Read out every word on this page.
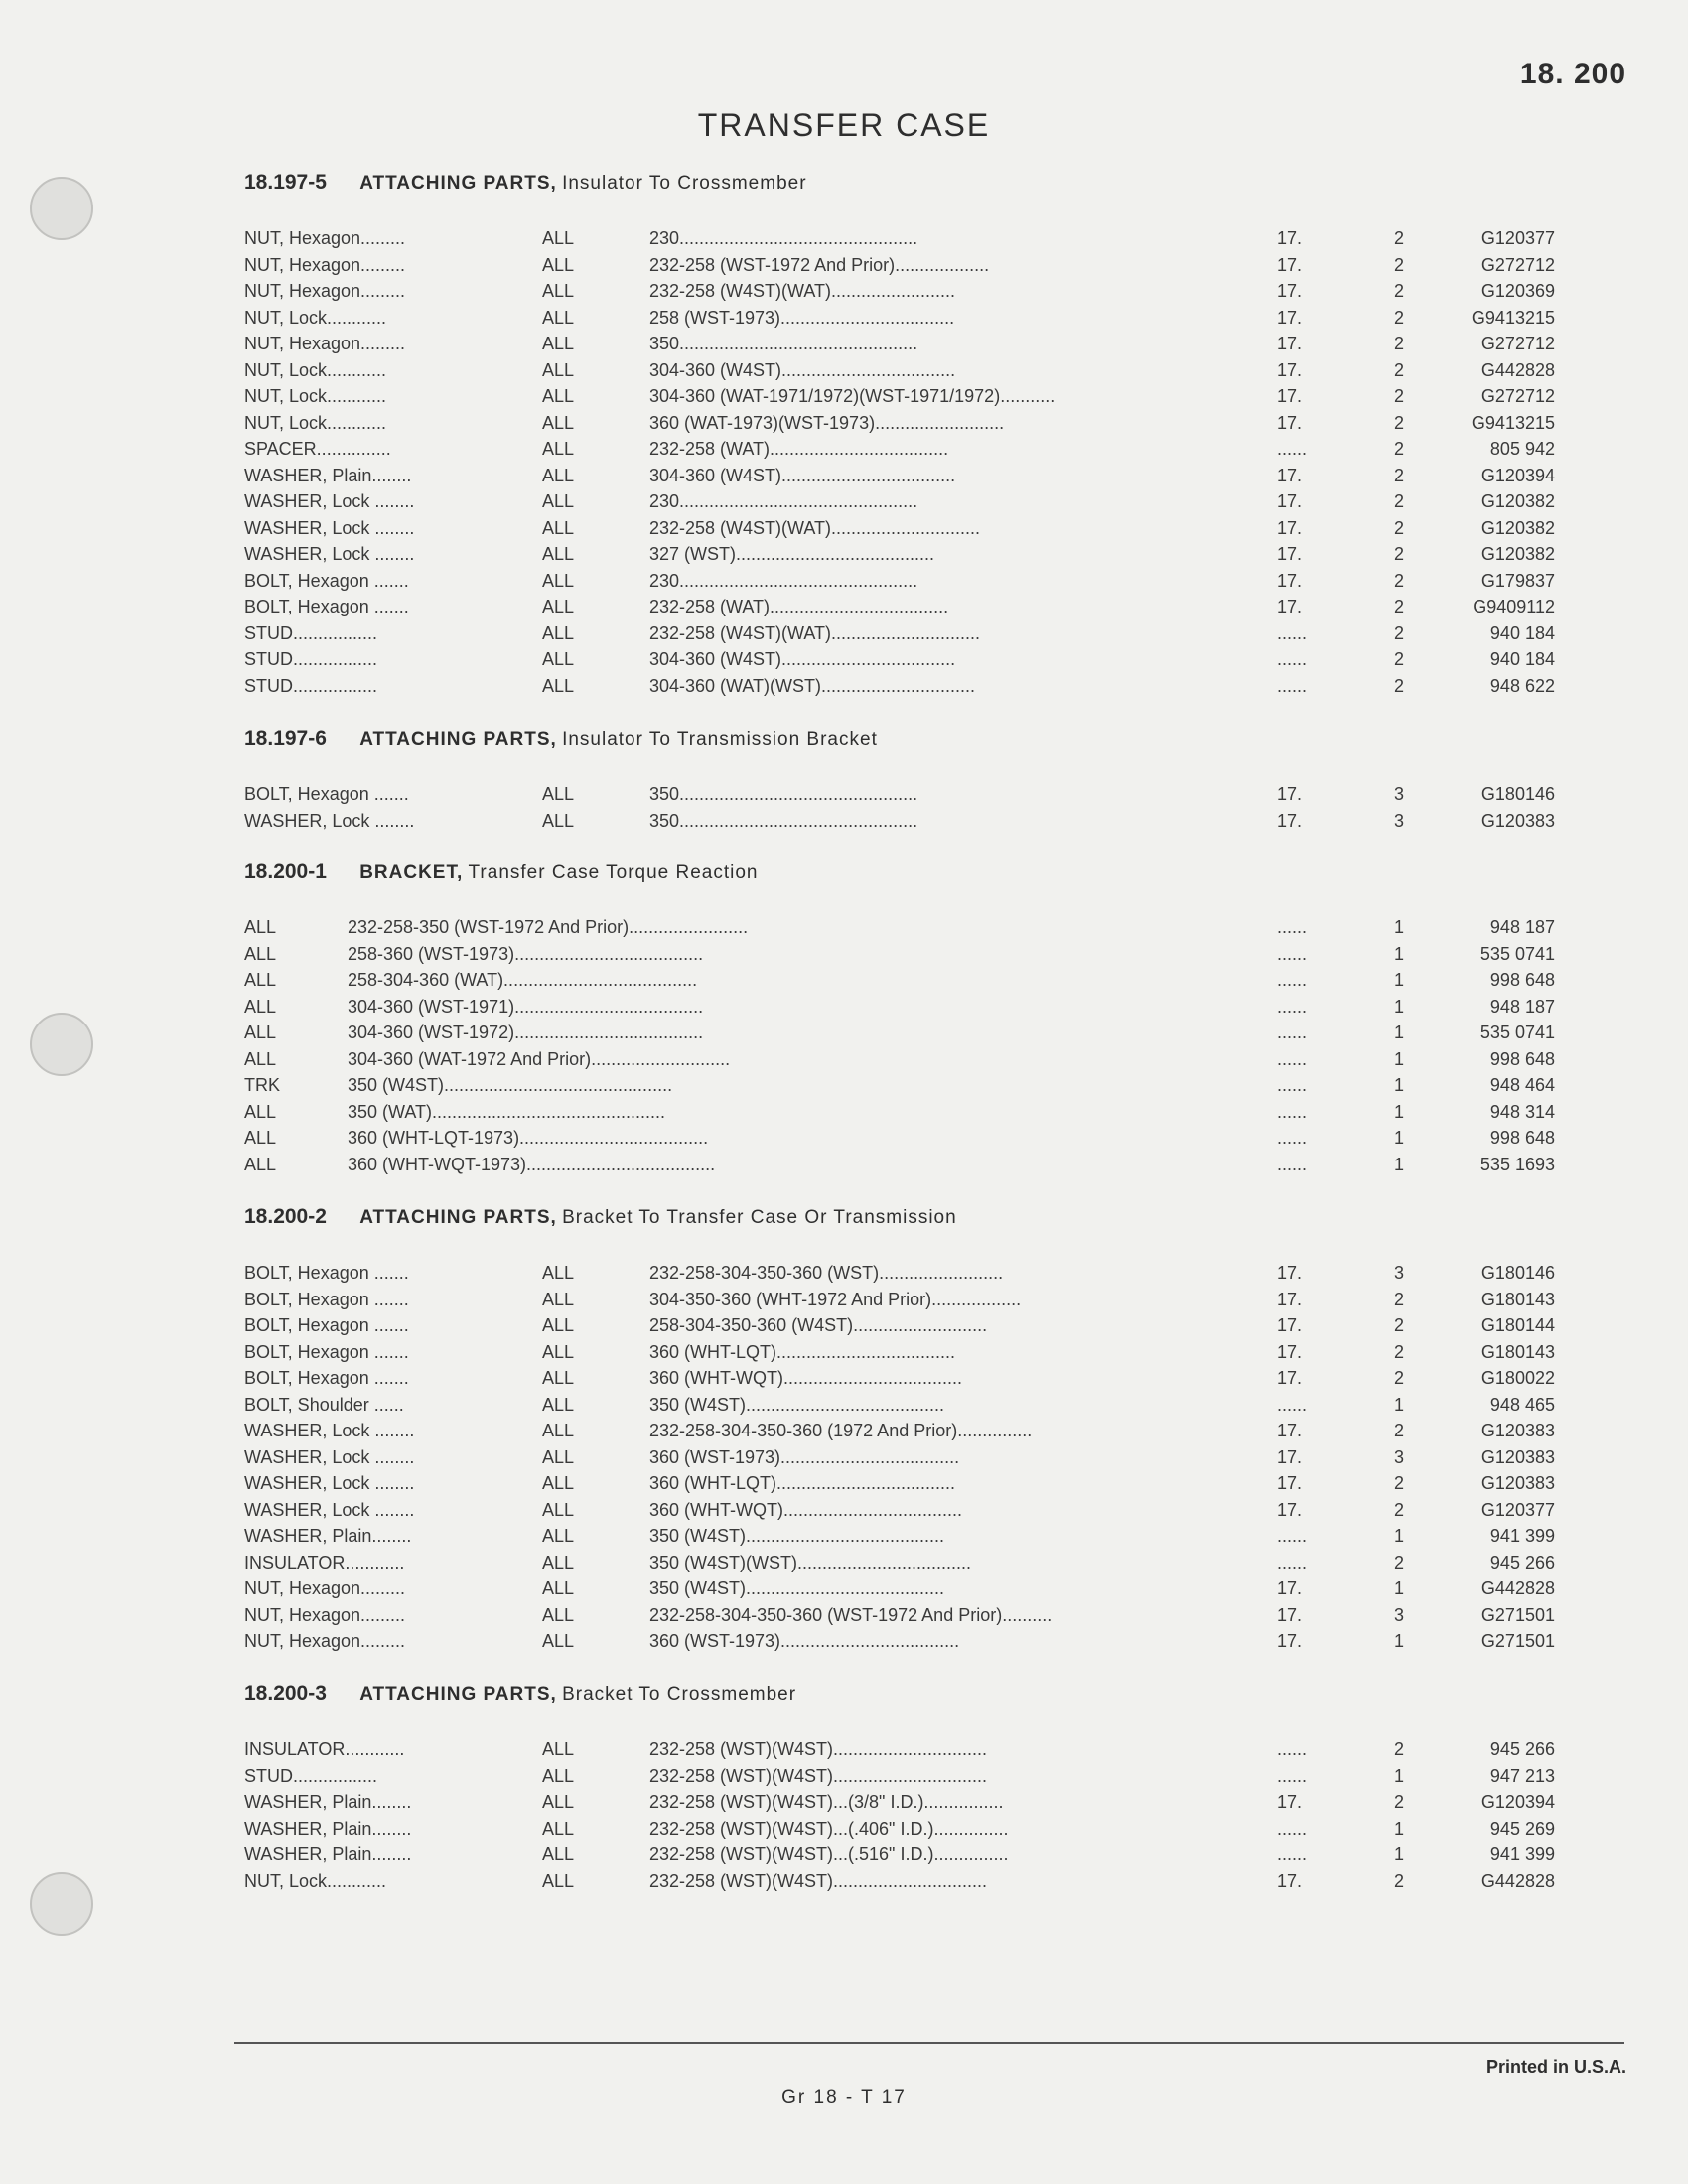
18. 200
TRANSFER CASE
18.197-5 ATTACHING PARTS, Insulator To Crossmember
NUT, Hexagon.........	ALL	230................................................	17.	2	G120377
NUT, Hexagon.........	ALL	232-258 (WST-1972 And Prior)...................	17.	2	G272712
NUT, Hexagon.........	ALL	232-258 (W4ST)(WAT).........................	17.	2	G120369
NUT, Lock............	ALL	258 (WST-1973)...................................	17.	2	G9413215
NUT, Hexagon.........	ALL	350................................................	17.	2	G272712
NUT, Lock............	ALL	304-360 (W4ST)...................................	17.	2	G442828
NUT, Lock............	ALL	304-360 (WAT-1971/1972)(WST-1971/1972)...........	17.	2	G272712
NUT, Lock............	ALL	360 (WAT-1973)(WST-1973)..........................	17.	2	G9413215
SPACER...............	ALL	232-258 (WAT)....................................	......	2	805 942
WASHER, Plain........	ALL	304-360 (W4ST)...................................	17.	2	G120394
WASHER, Lock ........	ALL	230................................................	17.	2	G120382
WASHER, Lock ........	ALL	232-258 (W4ST)(WAT)..............................	17.	2	G120382
WASHER, Lock ........	ALL	327 (WST)........................................	17.	2	G120382
BOLT, Hexagon .......	ALL	230................................................	17.	2	G179837
BOLT, Hexagon .......	ALL	232-258 (WAT)....................................	17.	2	G9409112
STUD.................	ALL	232-258 (W4ST)(WAT)..............................	......	2	940 184
STUD.................	ALL	304-360 (W4ST)...................................	......	2	940 184
STUD.................	ALL	304-360 (WAT)(WST)...............................	......	2	948 622
18.197-6 ATTACHING PARTS, Insulator To Transmission Bracket
BOLT, Hexagon .......	ALL	350................................................	17.	3	G180146
WASHER, Lock ........	ALL	350................................................	17.	3	G120383
18.200-1 BRACKET, Transfer Case Torque Reaction
ALL	232-258-350 (WST-1972 And Prior)........................	......	1	948 187
ALL	258-360 (WST-1973)......................................	......	1	535 0741
ALL	258-304-360 (WAT).......................................	......	1	998 648
ALL	304-360 (WST-1971)......................................	......	1	948 187
ALL	304-360 (WST-1972)......................................	......	1	535 0741
ALL	304-360 (WAT-1972 And Prior)............................	......	1	998 648
TRK	350 (W4ST)..............................................	......	1	948 464
ALL	350 (WAT)...............................................	......	1	948 314
ALL	360 (WHT-LQT-1973)......................................	......	1	998 648
ALL	360 (WHT-WQT-1973)......................................	......	1	535 1693
18.200-2 ATTACHING PARTS, Bracket To Transfer Case Or Transmission
BOLT, Hexagon .......	ALL	232-258-304-350-360 (WST).........................	17.	3	G180146
BOLT, Hexagon .......	ALL	304-350-360 (WHT-1972 And Prior)..................	17.	2	G180143
BOLT, Hexagon .......	ALL	258-304-350-360 (W4ST)...........................	17.	2	G180144
BOLT, Hexagon .......	ALL	360 (WHT-LQT)....................................	17.	2	G180143
BOLT, Hexagon .......	ALL	360 (WHT-WQT)....................................	17.	2	G180022
BOLT, Shoulder ......	ALL	350 (W4ST)........................................	......	1	948 465
WASHER, Lock ........	ALL	232-258-304-350-360 (1972 And Prior)...............	17.	2	G120383
WASHER, Lock ........	ALL	360 (WST-1973)....................................	17.	3	G120383
WASHER, Lock ........	ALL	360 (WHT-LQT)....................................	17.	2	G120383
WASHER, Lock ........	ALL	360 (WHT-WQT)....................................	17.	2	G120377
WASHER, Plain........	ALL	350 (W4ST)........................................	......	1	941 399
INSULATOR............	ALL	350 (W4ST)(WST)...................................	......	2	945 266
NUT, Hexagon.........	ALL	350 (W4ST)........................................	17.	1	G442828
NUT, Hexagon.........	ALL	232-258-304-350-360 (WST-1972 And Prior)..........	17.	3	G271501
NUT, Hexagon.........	ALL	360 (WST-1973)....................................	17.	1	G271501
18.200-3 ATTACHING PARTS, Bracket To Crossmember
INSULATOR............	ALL	232-258 (WST)(W4ST)...............................	......	2	945 266
STUD.................	ALL	232-258 (WST)(W4ST)...............................	......	1	947 213
WASHER, Plain........	ALL	232-258 (WST)(W4ST)...(3/8" I.D.)................	17.	2	G120394
WASHER, Plain........	ALL	232-258 (WST)(W4ST)...(.406" I.D.)...............	......	1	945 269
WASHER, Plain........	ALL	232-258 (WST)(W4ST)...(.516" I.D.)...............	......	1	941 399
NUT, Lock............	ALL	232-258 (WST)(W4ST)...............................	17.	2	G442828
Printed in U.S.A.
Gr 18 - T 17
